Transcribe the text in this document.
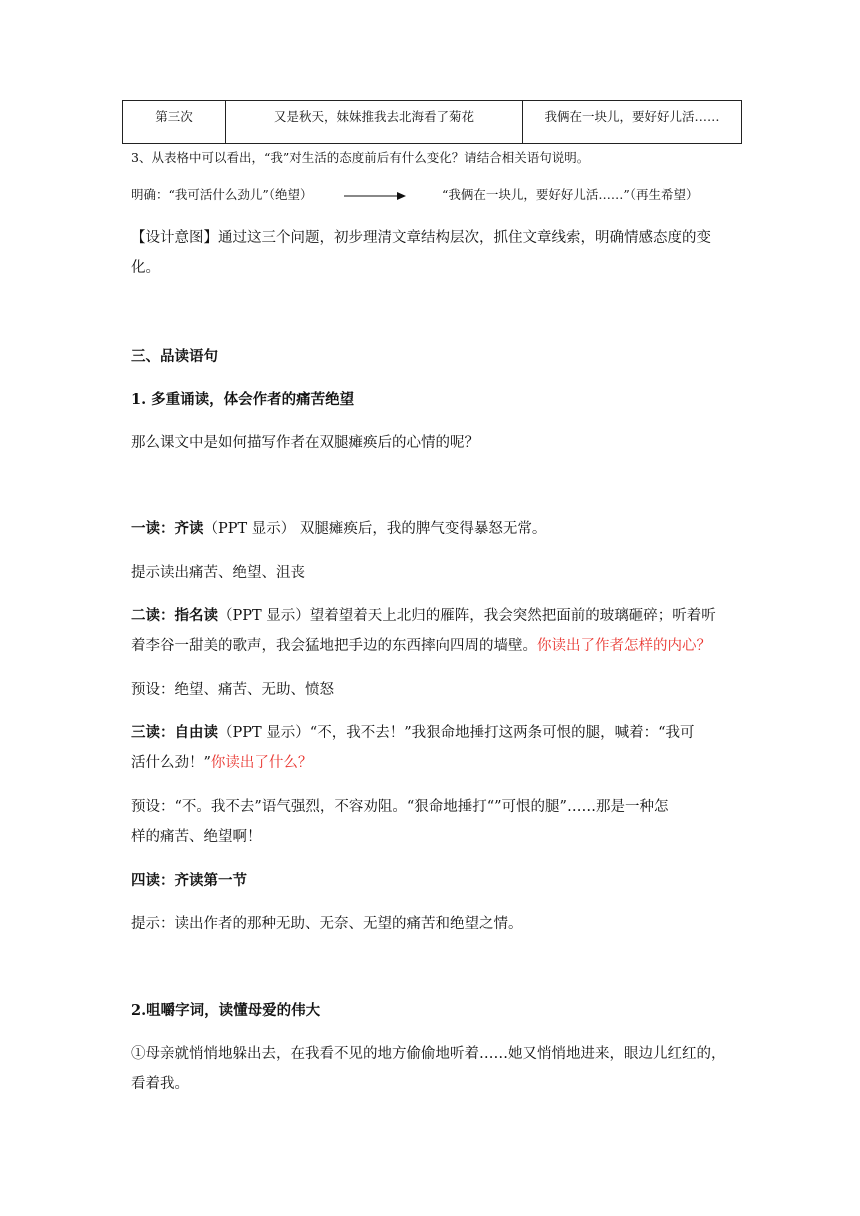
第三次	又是秋天，妹妹推我去北海看了菊花	我俩在一块儿，要好好儿活……
3、从表格中可以看出，“我”对生活的态度前后有什么变化？请结合相关语句说明。
明确：“我可活什么劲儿”（绝望）	“我俩在一块儿，要好好儿活……”（再生希望）
【设计意图】通过这三个问题，初步理清文章结构层次，抓住文章线索，明确情感态度的变
化。
三、品读语句
1. 多重诵读，体会作者的痛苦绝望
那么课文中是如何描写作者在双腿瘫痪后的心情的呢？
一读：齐读（PPT 显示） 双腿瘫痪后，我的脾气变得暴怒无常。
提示读出痛苦、绝望、沮丧
二读：指名读（PPT 显示）望着望着天上北归的雁阵，我会突然把面前的玻璃砸碎；听着听
着李谷一甜美的歌声，我会猛地把手边的东西摔向四周的墙壁。你读出了作者怎样的内心？
预设：绝望、痛苦、无助、愤怒
三读：自由读（PPT 显示）“不，我不去！”我狠命地捶打这两条可恨的腿，喊着：“我可
活什么劲！”你读出了什么？
预设：“不。我不去”语气强烈，不容劝阻。“狠命地捶打“”可恨的腿”……那是一种怎
样的痛苦、绝望啊！
四读：齐读第一节
提示：读出作者的那种无助、无奈、无望的痛苦和绝望之情。
2.咀嚼字词，读懂母爱的伟大
①母亲就悄悄地躲出去，在我看不见的地方偷偷地听着……她又悄悄地进来，眼边儿红红的，
看着我。
